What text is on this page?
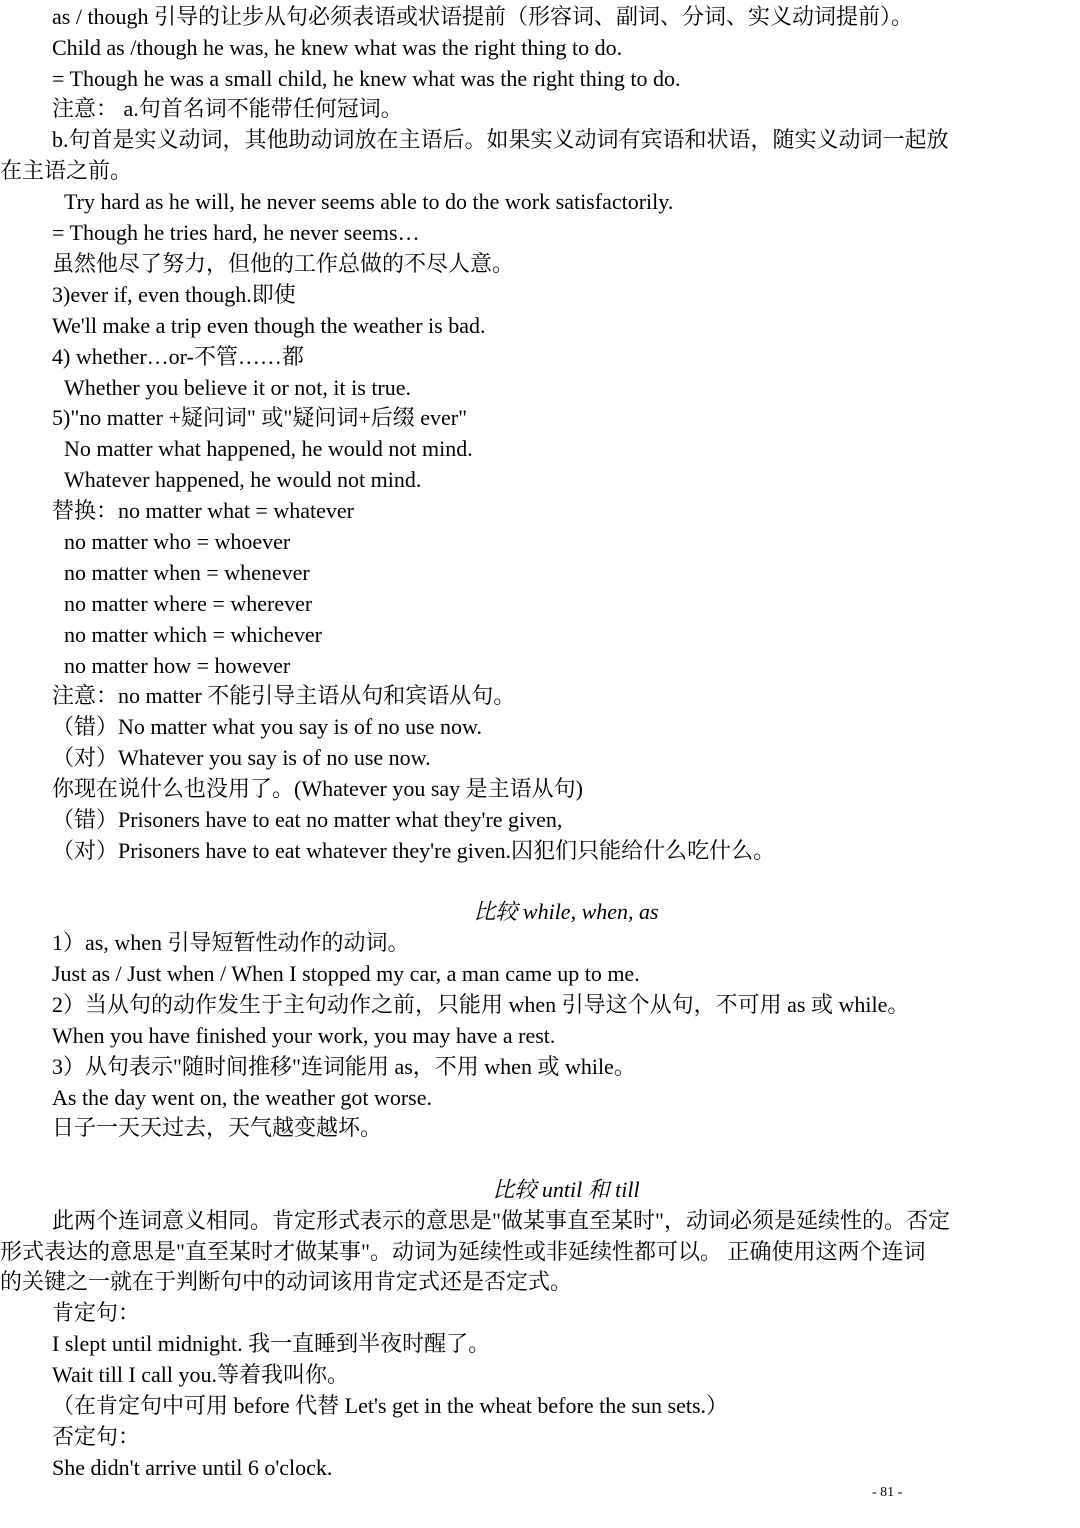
as / though 引导的让步从句必须表语或状语提前（形容词、副词、分词、实义动词提前）。
Child as /though he was, he knew what was the right thing to do.
= Though he was a small child, he knew what was the right thing to do.
注意： a.句首名词不能带任何冠词。
b.句首是实义动词，其他助动词放在主语后。如果实义动词有宾语和状语，随实义动词一起放
在主语之前。
Try hard as he will, he never seems able to do the work satisfactorily.
= Though he tries hard, he never seems…
虽然他尽了努力，但他的工作总做的不尽人意。
3)ever if, even though.即使
We'll make a trip even though the weather is bad.
4) whether…or-不管……都
Whether you believe it or not, it is true.
5)"no matter +疑问词" 或"疑问词+后缀 ever"
No matter what happened, he would not mind.
Whatever happened, he would not mind.
替换：no matter what = whatever
no matter who = whoever
no matter when = whenever
no matter where = wherever
no matter which = whichever
no matter how = however
注意：no matter 不能引导主语从句和宾语从句。
（错）No matter what you say is of no use now.
（对）Whatever you say is of no use now.
你现在说什么也没用了。(Whatever you say 是主语从句)
（错）Prisoners have to eat no matter what they're given,
（对）Prisoners have to eat whatever they're given.囚犯们只能给什么吃什么。
比较 while, when, as
1）as, when 引导短暂性动作的动词。
Just as / Just when / When I stopped my car, a man came up to me.
2）当从句的动作发生于主句动作之前，只能用 when 引导这个从句，不可用 as 或 while。
When you have finished your work, you may have a rest.
3）从句表示"随时间推移"连词能用 as，不用 when 或 while。
As the day went on, the weather got worse.
日子一天天过去，天气越变越坏。
比较 until 和 till
此两个连词意义相同。肯定形式表示的意思是"做某事直至某时"，动词必须是延续性的。否定
形式表达的意思是"直至某时才做某事"。动词为延续性或非延续性都可以。 正确使用这两个连词
的关键之一就在于判断句中的动词该用肯定式还是否定式。
肯定句：
I slept until midnight. 我一直睡到半夜时醒了。
Wait till I call you.等着我叫你。
（在肯定句中可用 before 代替 Let's get in the wheat before the sun sets.）
否定句：
She didn't arrive until 6 o'clock.
- 81 -
